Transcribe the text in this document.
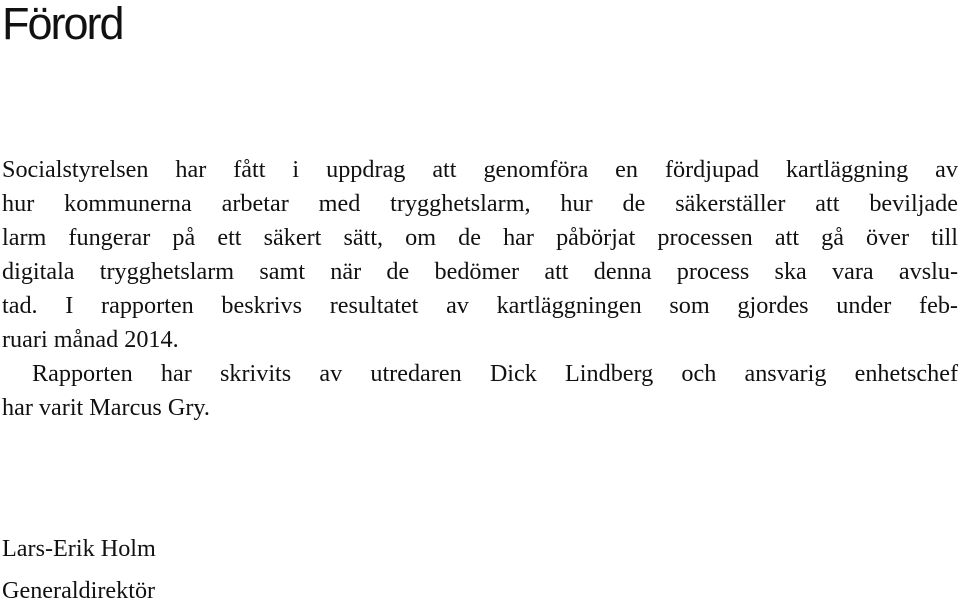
Förord
Socialstyrelsen har fått i uppdrag att genomföra en fördjupad kartläggning av
hur kommunerna arbetar med trygghetslarm, hur de säkerställer att beviljade
larm fungerar på ett säkert sätt, om de har påbörjat processen att gå över till
digitala trygghetslarm samt när de bedömer att denna process ska vara avslu-
tad. I rapporten beskrivs resultatet av kartläggningen som gjordes under feb-
ruari månad 2014.
Rapporten har skrivits av utredaren Dick Lindberg och ansvarig enhetschef
har varit Marcus Gry.
Lars-Erik Holm
Generaldirektör
